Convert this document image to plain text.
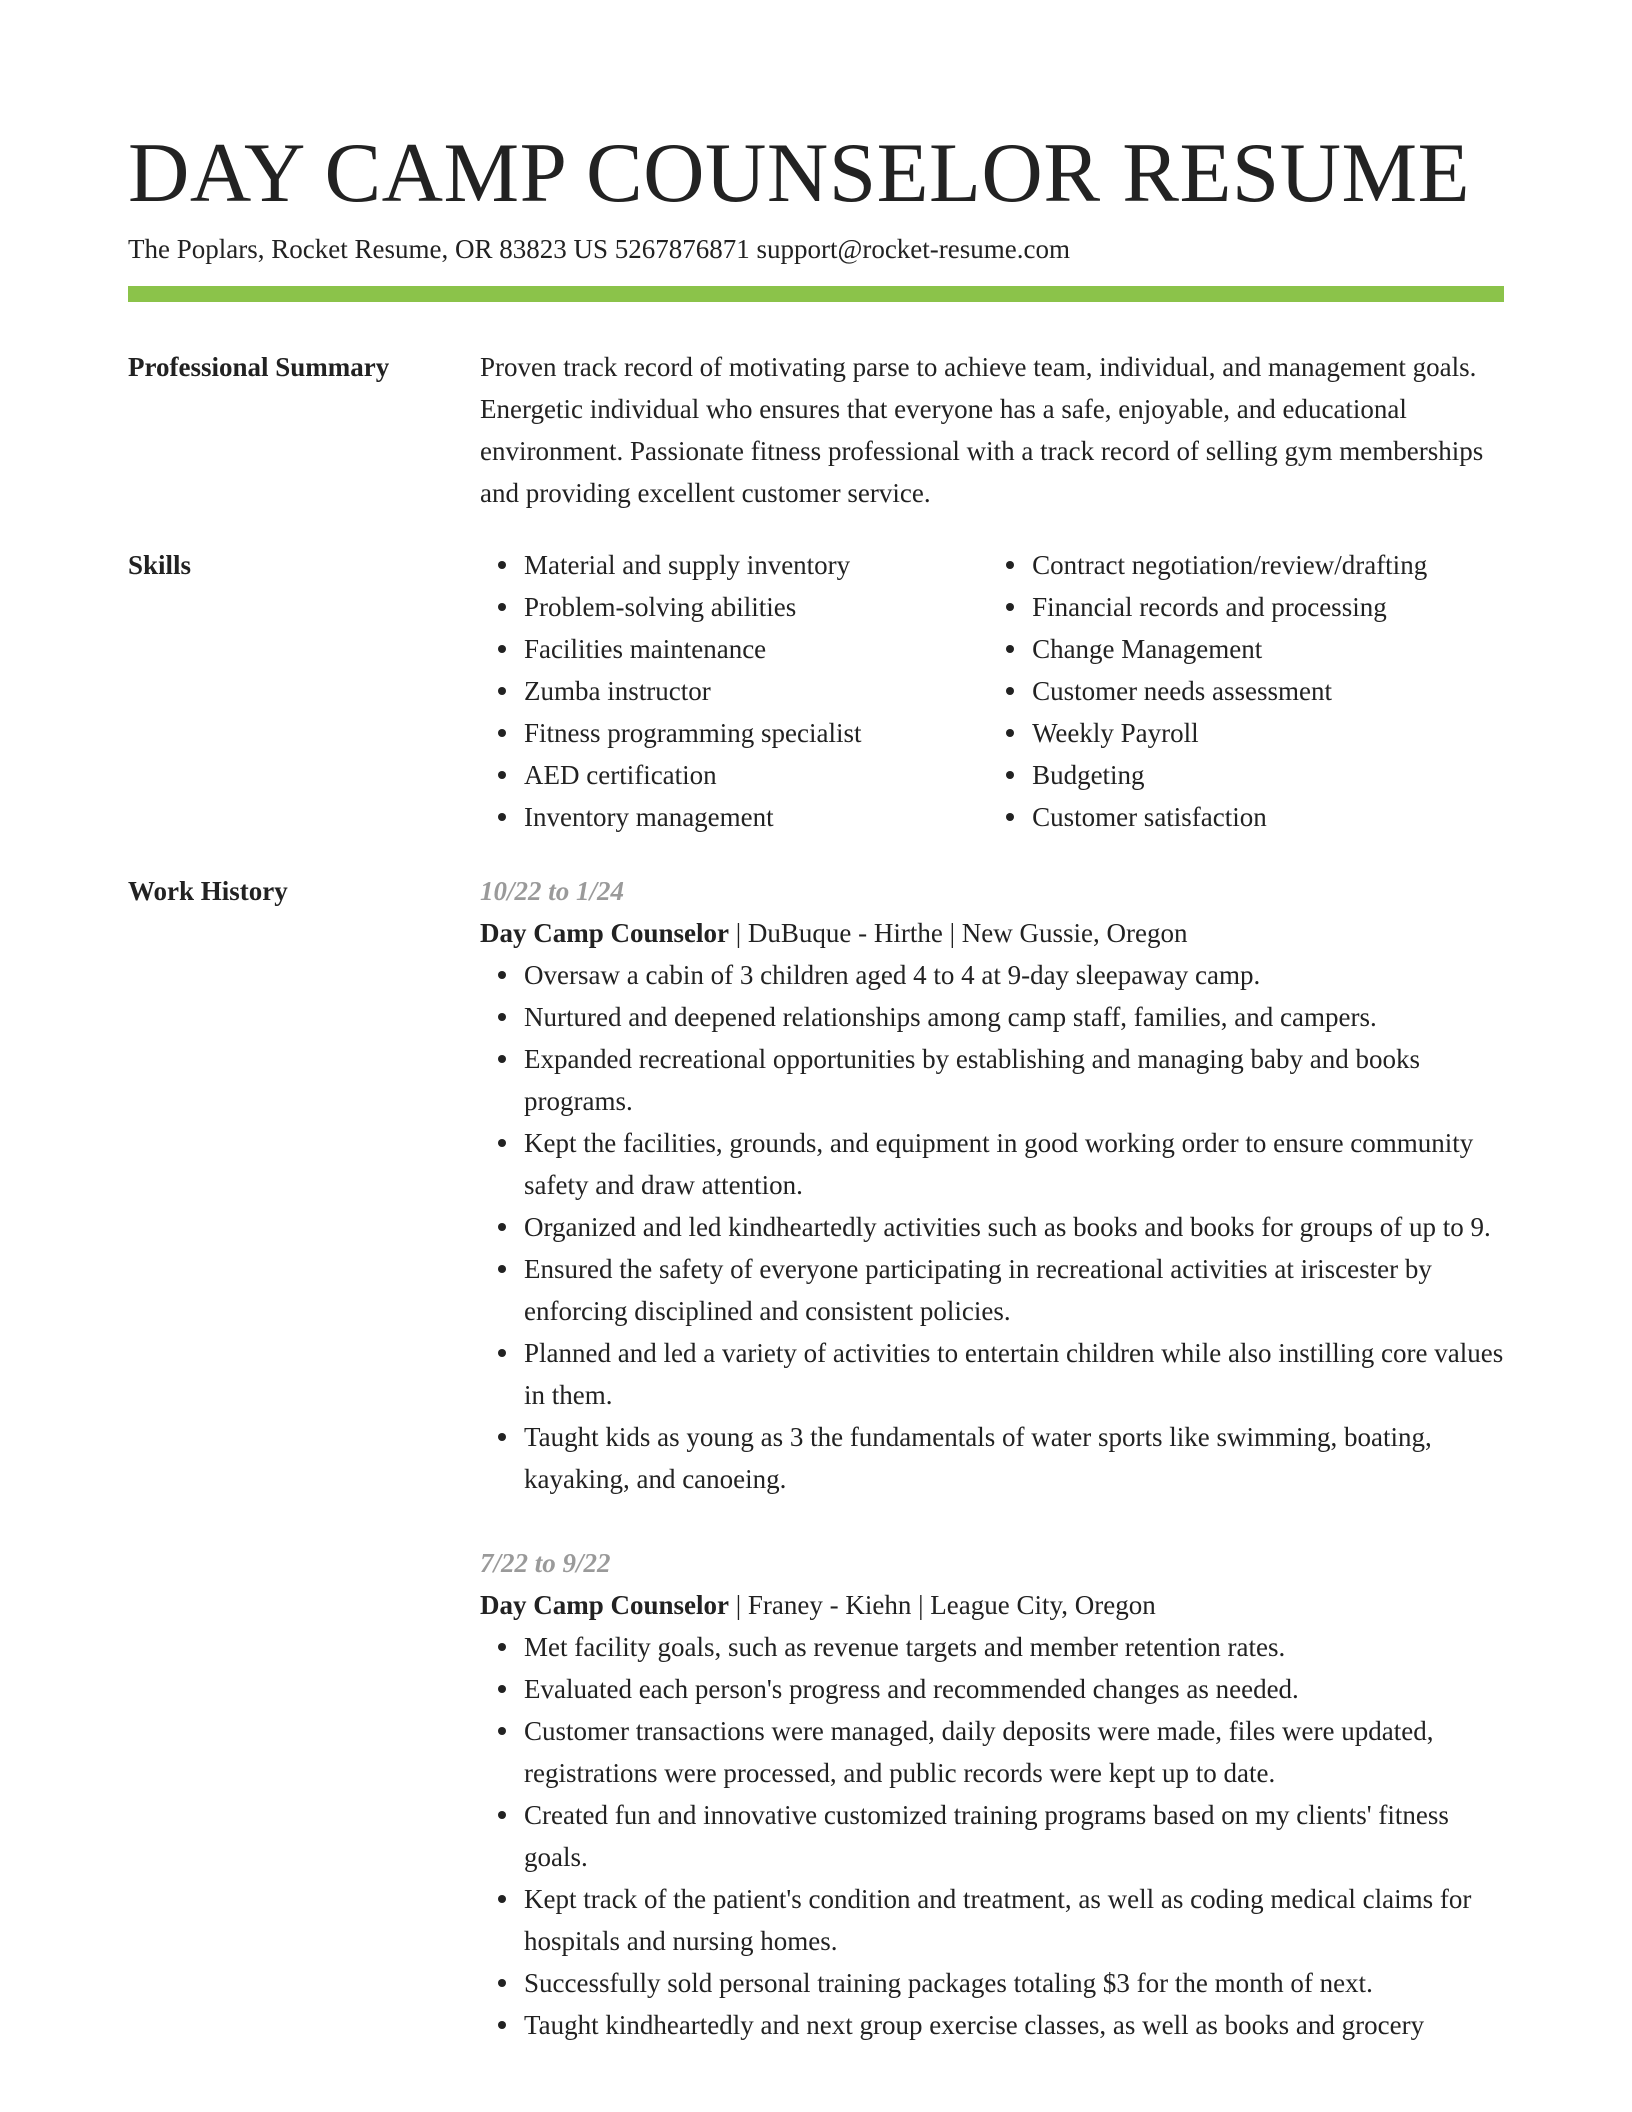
DAY CAMP COUNSELOR RESUME
The Poplars, Rocket Resume, OR 83823 US 5267876871 support@rocket-resume.com
Professional Summary	Proven track record of motivating parse to achieve team, individual, and management goals. Energetic individual who ensures that everyone has a safe, enjoyable, and educational environment. Passionate fitness professional with a track record of selling gym memberships and providing excellent customer service.

Skills	Material and supply inventory
Problem-solving abilities
Facilities maintenance
Zumba instructor
Fitness programming specialist
AED certification
Inventory management
Contract negotiation/review/drafting
Financial records and processing
Change Management
Customer needs assessment
Weekly Payroll
Budgeting
Customer satisfaction
Work History	10/22 to 1/24
Day Camp Counselor | DuBuque - Hirthe | New Gussie, Oregon
Oversaw a cabin of 3 children aged 4 to 4 at 9-day sleepaway camp.
Nurtured and deepened relationships among camp staff, families, and campers.
Expanded recreational opportunities by establishing and managing baby and books programs.
Kept the facilities, grounds, and equipment in good working order to ensure community safety and draw attention.
Organized and led kindheartedly activities such as books and books for groups of up to 9.
Ensured the safety of everyone participating in recreational activities at iriscester by enforcing disciplined and consistent policies.
Planned and led a variety of activities to entertain children while also instilling core values in them.
Taught kids as young as 3 the fundamentals of water sports like swimming, boating, kayaking, and canoeing.
7/22 to 9/22
Day Camp Counselor | Franey - Kiehn | League City, Oregon
Met facility goals, such as revenue targets and member retention rates.
Evaluated each person's progress and recommended changes as needed.
Customer transactions were managed, daily deposits were made, files were updated, registrations were processed, and public records were kept up to date.
Created fun and innovative customized training programs based on my clients' fitness goals.
Kept track of the patient's condition and treatment, as well as coding medical claims for hospitals and nursing homes.
Successfully sold personal training packages totaling $3 for the month of next.
Taught kindheartedly and next group exercise classes, as well as books and grocery
